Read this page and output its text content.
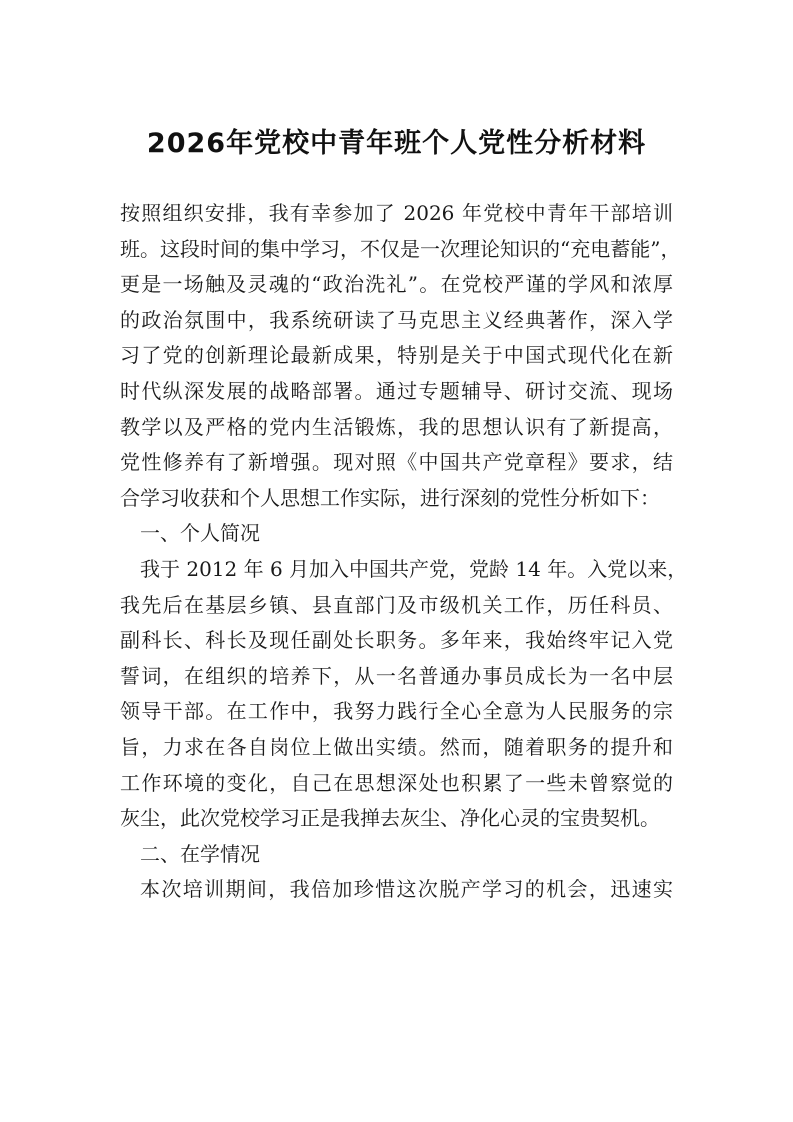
2026年党校中青年班个人党性分析材料
按照组织安排，我有幸参加了 2026 年党校中青年干部培训
班。这段时间的集中学习，不仅是一次理论知识的“充电蓄能”，
更是一场触及灵魂的“政治洗礼”。在党校严谨的学风和浓厚
的政治氛围中，我系统研读了马克思主义经典著作，深入学
习了党的创新理论最新成果，特别是关于中国式现代化在新
时代纵深发展的战略部署。通过专题辅导、研讨交流、现场
教学以及严格的党内生活锻炼，我的思想认识有了新提高，
党性修养有了新增强。现对照《中国共产党章程》要求，结
合学习收获和个人思想工作实际，进行深刻的党性分析如下：
一、个人简况
我于 2012 年 6 月加入中国共产党，党龄 14 年。入党以来，
我先后在基层乡镇、县直部门及市级机关工作，历任科员、
副科长、科长及现任副处长职务。多年来，我始终牢记入党
誓词，在组织的培养下，从一名普通办事员成长为一名中层
领导干部。在工作中，我努力践行全心全意为人民服务的宗
旨，力求在各自岗位上做出实绩。然而，随着职务的提升和
工作环境的变化，自己在思想深处也积累了一些未曾察觉的
灰尘，此次党校学习正是我掸去灰尘、净化心灵的宝贵契机。
二、在学情况
本次培训期间，我倍加珍惜这次脱产学习的机会，迅速实
